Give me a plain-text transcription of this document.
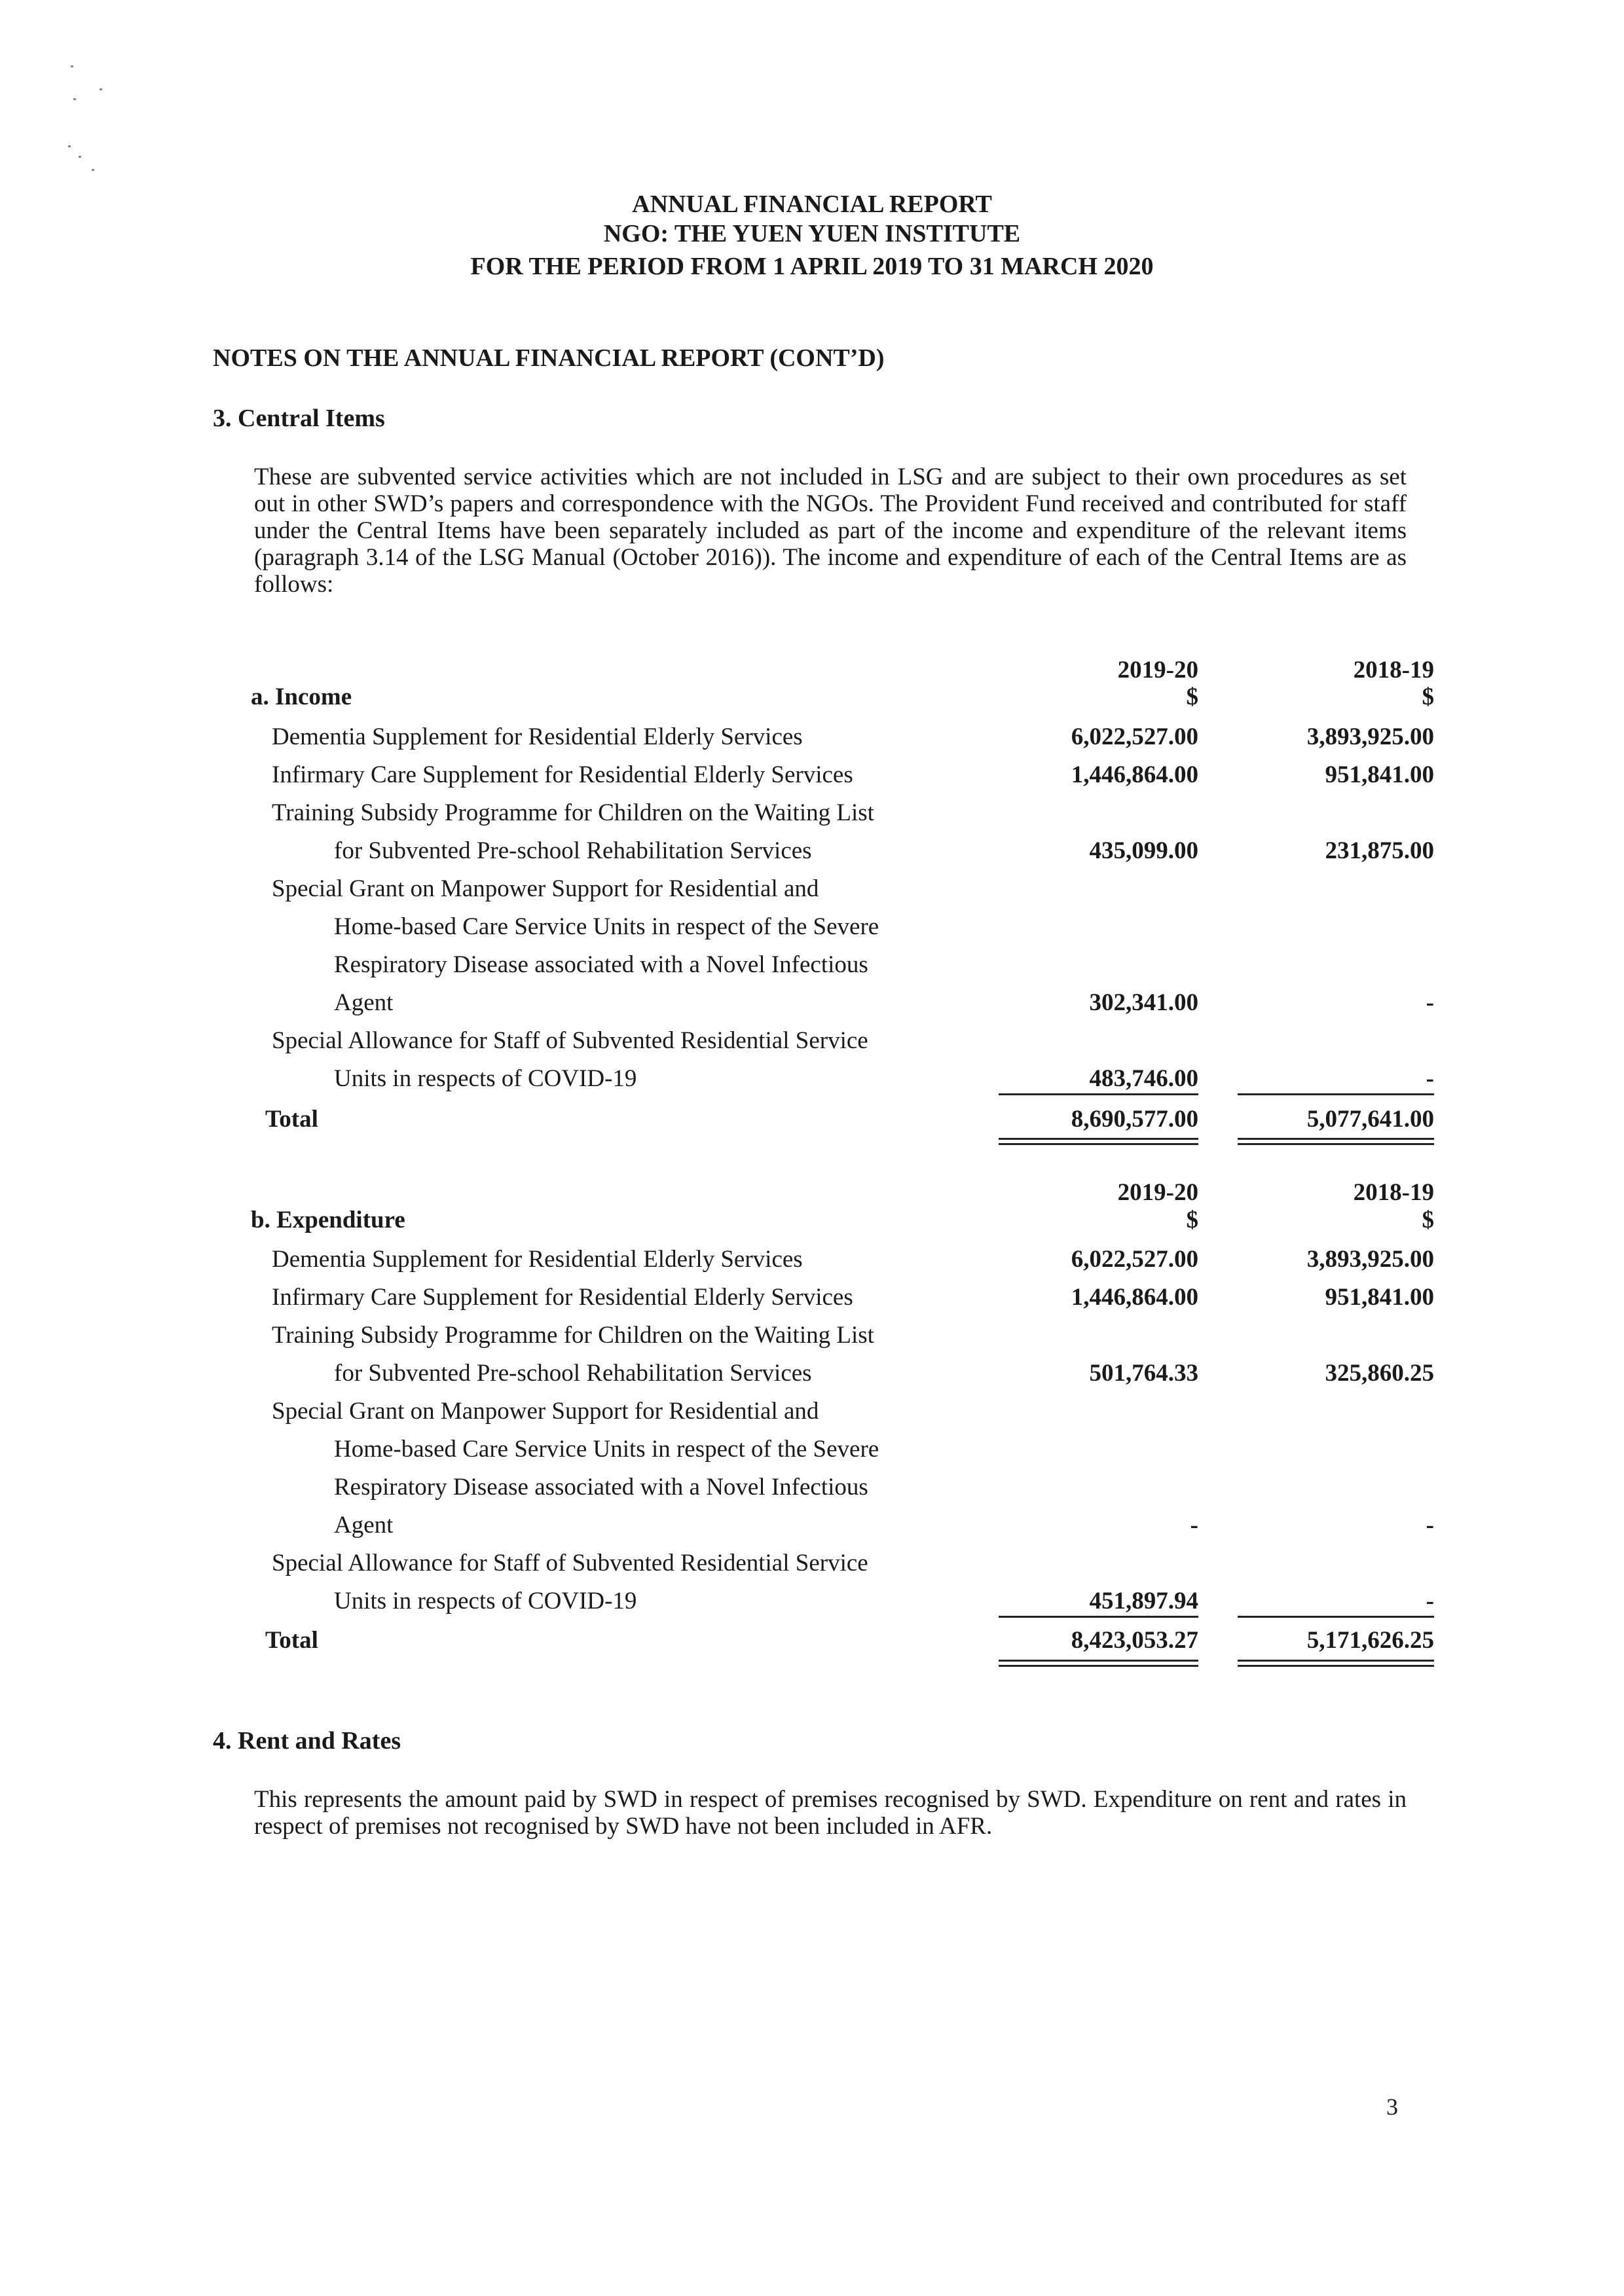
ANNUAL FINANCIAL REPORT
NGO: THE YUEN YUEN INSTITUTE
FOR THE PERIOD FROM 1 APRIL 2019 TO 31 MARCH 2020
NOTES ON THE ANNUAL FINANCIAL REPORT (CONT’D)
3. Central Items
These are subvented service activities which are not included in LSG and are subject to their own procedures as set out in other SWD’s papers and correspondence with the NGOs. The Provident Fund received and contributed for staff under the Central Items have been separately included as part of the income and expenditure of the relevant items (paragraph 3.14 of the LSG Manual (October 2016)). The income and expenditure of each of the Central Items are as follows:
2019-20	2018-19
a. Income	$	$
Dementia Supplement for Residential Elderly Services	6,022,527.00	3,893,925.00
Infirmary Care Supplement for Residential Elderly Services	1,446,864.00	951,841.00
Training Subsidy Programme for Children on the Waiting List
for Subvented Pre-school Rehabilitation Services	435,099.00	231,875.00
Special Grant on Manpower Support for Residential and
Home-based Care Service Units in respect of the Severe
Respiratory Disease associated with a Novel Infectious
Agent	302,341.00	-
Special Allowance for Staff of Subvented Residential Service
Units in respects of COVID-19	483,746.00	-
Total	8,690,577.00	5,077,641.00
2019-20	2018-19
b. Expenditure	$	$
Dementia Supplement for Residential Elderly Services	6,022,527.00	3,893,925.00
Infirmary Care Supplement for Residential Elderly Services	1,446,864.00	951,841.00
Training Subsidy Programme for Children on the Waiting List
for Subvented Pre-school Rehabilitation Services	501,764.33	325,860.25
Special Grant on Manpower Support for Residential and
Home-based Care Service Units in respect of the Severe
Respiratory Disease associated with a Novel Infectious
Agent	-	-
Special Allowance for Staff of Subvented Residential Service
Units in respects of COVID-19	451,897.94	-
Total	8,423,053.27	5,171,626.25
4. Rent and Rates
This represents the amount paid by SWD in respect of premises recognised by SWD. Expenditure on rent and rates in respect of premises not recognised by SWD have not been included in AFR.
3
